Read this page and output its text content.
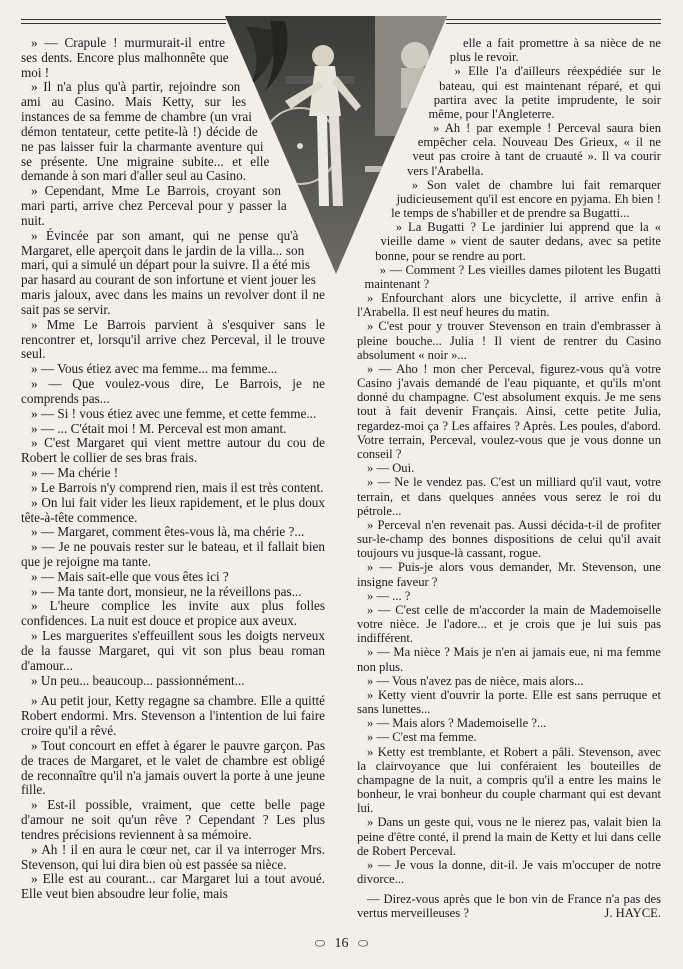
» — Crapule ! murmurait-il entre ses dents. Encore plus malhonnête que moi !

» Il n'a plus qu'à partir, rejoindre son ami au Casino. Mais Ketty, sur les instances de sa femme de chambre (un vrai démon tentateur, cette petite-là !) décide de ne pas laisser fuir la charmante aventure qui se présente. Une migraine subite... et elle demande à son mari d'aller seul au Casino.

» Cependant, Mme Le Barrois, croyant son mari parti, arrive chez Perceval pour y passer la nuit.

» Évincée par son amant, qui ne pense qu'à Margaret, elle aperçoit dans le jardin de la villa... son mari, qui a simulé un départ pour la suivre. Il a été mis par hasard au courant de son infortune et vient jouer les maris jaloux, avec dans les mains un revolver dont il ne sait pas se servir.

» Mme Le Barrois parvient à s'esquiver sans le rencontrer et, lorsqu'il arrive chez Perceval, il le trouve seul.

» — Vous étiez avec ma femme... ma femme...

» — Que voulez-vous dire, Le Barrois, je ne comprends pas...

» — Si ! vous étiez avec une femme, et cette femme...

» — ... C'était moi ! M. Perceval est mon amant.

» C'est Margaret qui vient mettre autour du cou de Robert le collier de ses bras frais.

» — Ma chérie !

» Le Barrois n'y comprend rien, mais il est très content.

» On lui fait vider les lieux rapidement, et le plus doux tête-à-tête commence.

» — Margaret, comment êtes-vous là, ma chérie ?...

» — Je ne pouvais rester sur le bateau, et il fallait bien que je rejoigne ma tante.

» — Mais sait-elle que vous êtes ici ?

» — Ma tante dort, monsieur, ne la réveillons pas...

» L'heure complice les invite aux plus folles confidences. La nuit est douce et propice aux aveux.

» Les marguerites s'effeuillent sous les doigts nerveux de la fausse Margaret, qui vit son plus beau roman d'amour...

» Un peu... beaucoup... passionnément...

» Au petit jour, Ketty regagne sa chambre. Elle a quitté Robert endormi. Mrs. Stevenson a l'intention de lui faire croire qu'il a rêvé.

» Tout concourt en effet à égarer le pauvre garçon. Pas de traces de Margaret, et le valet de chambre est obligé de reconnaître qu'il n'a jamais ouvert la porte à une jeune fille.

» Est-il possible, vraiment, que cette belle page d'amour ne soit qu'un rêve ? Cependant ? Les plus tendres précisions reviennent à sa mémoire.

» Ah ! il en aura le cœur net, car il va interroger Mrs. Stevenson, qui lui dira bien où est passée sa nièce.

» Elle est au courant... car Margaret lui a tout avoué. Elle veut bien absoudre leur folie, mais

elle a fait promettre à sa nièce de ne plus le revoir.

» Elle l'a d'ailleurs réexpédiée sur le bateau, qui est maintenant réparé, et qui partira avec la petite imprudente, le soir même, pour l'Angleterre.

» Ah ! par exemple ! Perceval saura bien empêcher cela. Nouveau Des Grieux, « il ne veut pas croire à tant de cruauté ». Il va courir vers l'Arabella.

» Son valet de chambre lui fait remarquer judicieusement qu'il est encore en pyjama. Eh bien ! le temps de s'habiller et de prendre sa Bugatti...

» La Bugatti ? Le jardinier lui apprend que la « vieille dame » vient de sauter dedans, avec sa petite bonne, pour se rendre au port.

» — Comment ? Les vieilles dames pilotent les Bugatti maintenant ?

» Enfourchant alors une bicyclette, il arrive enfin à l'Arabella. Il est neuf heures du matin.

» C'est pour y trouver Stevenson en train d'embrasser à pleine bouche... Julia ! Il vient de rentrer du Casino absolument « noir »...

» — Aho ! mon cher Perceval, figurez-vous qu'à votre Casino j'avais demandé de l'eau piquante, et qu'ils m'ont donné du champagne. C'est absolument exquis. Je me sens tout à fait devenir Français. Ainsi, cette petite Julia, regardez-moi ça ? Les affaires ? Après. Les poules, d'abord. Votre terrain, Perceval, voulez-vous que je vous donne un conseil ?

» — Oui.

» — Ne le vendez pas. C'est un milliard qu'il vaut, votre terrain, et dans quelques années vous serez le roi du pétrole...

» Perceval n'en revenait pas. Aussi décida-t-il de profiter sur-le-champ des bonnes dispositions de celui qu'il avait toujours vu jusque-là cassant, rogue.

» — Puis-je alors vous demander, Mr. Stevenson, une insigne faveur ?

» — ... ?

» — C'est celle de m'accorder la main de Mademoiselle votre nièce. Je l'adore... et je crois que je lui suis pas indifférent.

» — Ma nièce ? Mais je n'en ai jamais eue, ni ma femme non plus.

» — Vous n'avez pas de nièce, mais alors...

» Ketty vient d'ouvrir la porte. Elle est sans perruque et sans lunettes...

» — Mais alors ? Mademoiselle ?...

» — C'est ma femme.

» Ketty est tremblante, et Robert a pâli. Stevenson, avec la clairvoyance que lui conféraient les bouteilles de champagne de la nuit, a compris qu'il a entre les mains le bonheur, le vrai bonheur du couple charmant qui est devant lui.

» Dans un geste qui, vous ne le nierez pas, valait bien la peine d'être conté, il prend la main de Ketty et lui dans celle de Robert Perceval.

» — Je vous la donne, dit-il. Je vais m'occuper de notre divorce...

— Direz-vous après que le bon vin de France n'a pas des vertus merveilleuses ?	J. HAYCE.

⬭ 16 ⬭
